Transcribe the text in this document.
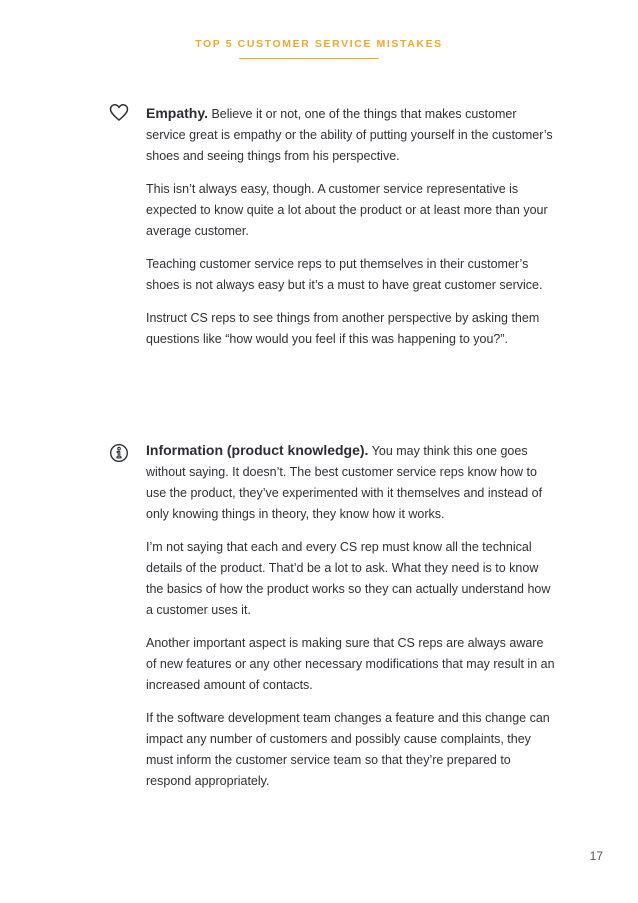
TOP 5 CUSTOMER SERVICE MISTAKES

Empathy. Believe it or not, one of the things that makes customer service great is empathy or the ability of putting yourself in the customer’s shoes and seeing things from his perspective.

This isn’t always easy, though. A customer service representative is expected to know quite a lot about the product or at least more than your average customer.

Teaching customer service reps to put themselves in their customer’s shoes is not always easy but it’s a must to have great customer service.

Instruct CS reps to see things from another perspective by asking them questions like “how would you feel if this was happening to you?”.

Information (product knowledge). You may think this one goes without saying. It doesn’t. The best customer service reps know how to use the product, they’ve experimented with it themselves and instead of only knowing things in theory, they know how it works.

I’m not saying that each and every CS rep must know all the technical details of the product. That’d be a lot to ask. What they need is to know the basics of how the product works so they can actually understand how a customer uses it.

Another important aspect is making sure that CS reps are always aware of new features or any other necessary modifications that may result in an increased amount of contacts.

If the software development team changes a feature and this change can impact any number of customers and possibly cause complaints, they must inform the customer service team so that they’re prepared to respond appropriately.

17
